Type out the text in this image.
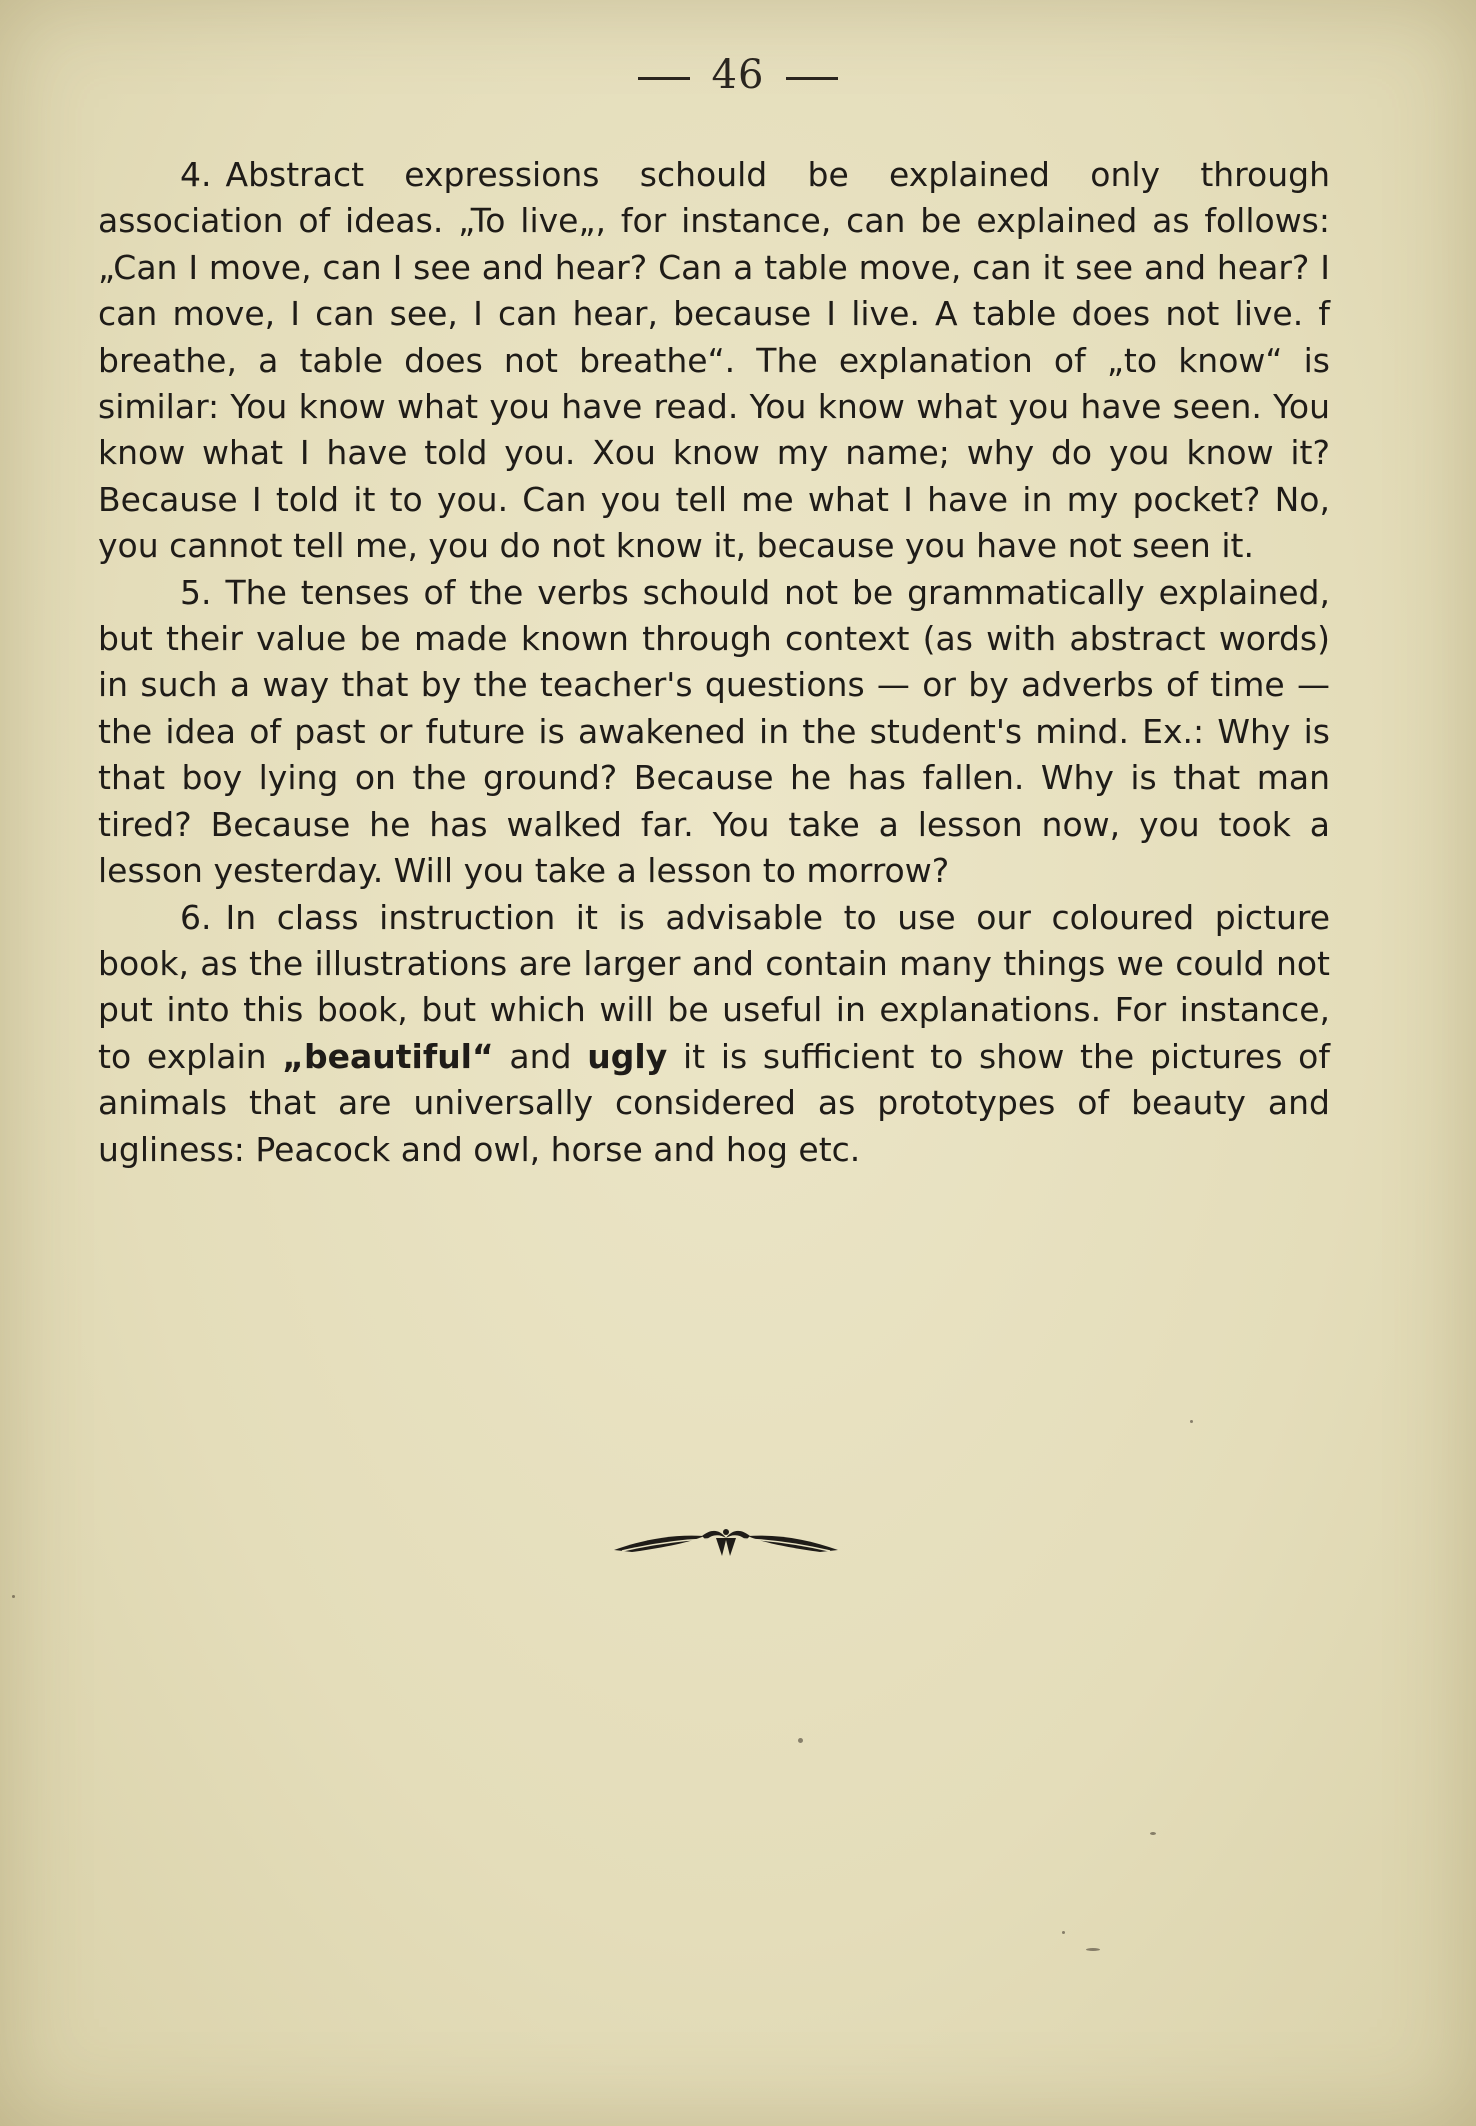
46

4. Abstract expressions schould be explained only through association of ideas. „To live„, for instance, can be explained as follows: „Can I move, can I see and hear? Can a table move, can it see and hear? I can move, I can see, I can hear, because I live. A table does not live. f breathe, a table does not breathe“. The explanation of „to know“ is similar: You know what you have read. You know what you have seen. You know what I have told you. Xou know my name; why do you know it? Because I told it to you. Can you tell me what I have in my pocket? No, you cannot tell me, you do not know it, because you have not seen it.

5. The tenses of the verbs schould not be grammatically explained, but their value be made known through context (as with abstract words) in such a way that by the teacher's questions — or by adverbs of time — the idea of past or future is awakened in the student's mind. Ex.: Why is that boy lying on the ground? Because he has fallen. Why is that man tired? Because he has walked far. You take a lesson now, you took a lesson yesterday. Will you take a lesson to morrow?

6. In class instruction it is advisable to use our coloured picture book, as the illustrations are larger and contain many things we could not put into this book, but which will be useful in explanations. For instance, to explain „beautiful“ and ugly it is sufficient to show the pictures of animals that are universally considered as prototypes of beauty and ugliness: Peacock and owl, horse and hog etc.
